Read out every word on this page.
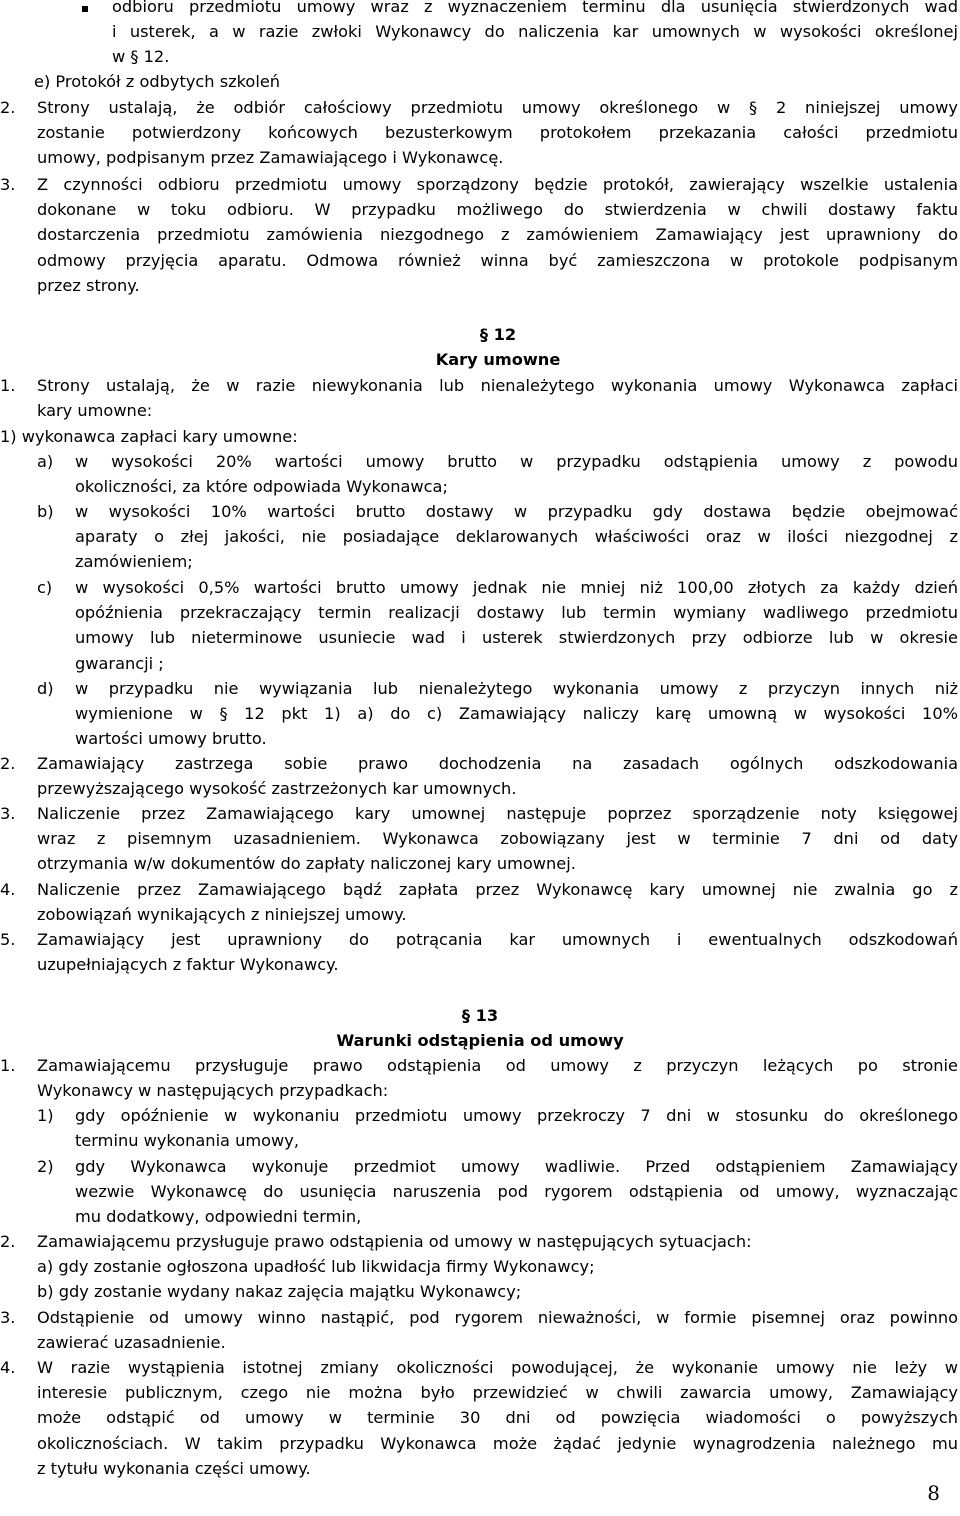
odbioru przedmiotu umowy wraz z wyznaczeniem terminu dla usunięcia stwierdzonych wad
i usterek, a w razie zwłoki Wykonawcy do naliczenia kar umownych w wysokości określonej
w § 12.
e) Protokół z odbytych szkoleń
2. Strony ustalają, że odbiór całościowy przedmiotu umowy określonego w § 2 niniejszej umowy
zostanie potwierdzony końcowych bezusterkowym protokołem przekazania całości przedmiotu
umowy, podpisanym przez Zamawiającego i Wykonawcę.
3. Z czynności odbioru przedmiotu umowy sporządzony będzie protokół, zawierający wszelkie ustalenia
dokonane w toku odbioru. W przypadku możliwego do stwierdzenia w chwili dostawy faktu
dostarczenia przedmiotu zamówienia niezgodnego z zamówieniem Zamawiający jest uprawniony do
odmowy przyjęcia aparatu. Odmowa również winna być zamieszczona w protokole podpisanym
przez strony.
§ 12
Kary umowne
1. Strony ustalają, że w razie niewykonania lub nienależytego wykonania umowy Wykonawca zapłaci
kary umowne:
1) wykonawca zapłaci kary umowne:
a) w wysokości 20% wartości umowy brutto w przypadku odstąpienia umowy z powodu
okoliczności, za które odpowiada Wykonawca;
b) w wysokości 10% wartości brutto dostawy w przypadku gdy dostawa będzie obejmować
aparaty o złej jakości, nie posiadające deklarowanych właściwości oraz w ilości niezgodnej z
zamówieniem;
c) w wysokości 0,5% wartości brutto umowy jednak nie mniej niż 100,00 złotych za każdy dzień
opóźnienia przekraczający termin realizacji dostawy lub termin wymiany wadliwego przedmiotu
umowy lub nieterminowe usuniecie wad i usterek stwierdzonych przy odbiorze lub w okresie
gwarancji ;
d) w przypadku nie wywiązania lub nienależytego wykonania umowy z przyczyn innych niż
wymienione w § 12 pkt 1) a) do c) Zamawiający naliczy karę umowną w wysokości 10%
wartości umowy brutto.
2. Zamawiający zastrzega sobie prawo dochodzenia na zasadach ogólnych odszkodowania
przewyższającego wysokość zastrzeżonych kar umownych.
3. Naliczenie przez Zamawiającego kary umownej następuje poprzez sporządzenie noty księgowej
wraz z pisemnym uzasadnieniem. Wykonawca zobowiązany jest w terminie 7 dni od daty
otrzymania w/w dokumentów do zapłaty naliczonej kary umownej.
4. Naliczenie przez Zamawiającego bądź zapłata przez Wykonawcę kary umownej nie zwalnia go z
zobowiązań wynikających z niniejszej umowy.
5. Zamawiający jest uprawniony do potrącania kar umownych i ewentualnych odszkodowań
uzupełniających z faktur Wykonawcy.
§ 13
Warunki odstąpienia od umowy
1. Zamawiającemu przysługuje prawo odstąpienia od umowy z przyczyn leżących po stronie
Wykonawcy w następujących przypadkach:
1) gdy opóźnienie w wykonaniu przedmiotu umowy przekroczy 7 dni w stosunku do określonego
terminu wykonania umowy,
2) gdy Wykonawca wykonuje przedmiot umowy wadliwie. Przed odstąpieniem Zamawiający
wezwie Wykonawcę do usunięcia naruszenia pod rygorem odstąpienia od umowy, wyznaczając
mu dodatkowy, odpowiedni termin,
2. Zamawiającemu przysługuje prawo odstąpienia od umowy w następujących sytuacjach:
a) gdy zostanie ogłoszona upadłość lub likwidacja firmy Wykonawcy;
b) gdy zostanie wydany nakaz zajęcia majątku Wykonawcy;
3. Odstąpienie od umowy winno nastąpić, pod rygorem nieważności, w formie pisemnej oraz powinno
zawierać uzasadnienie.
4. W razie wystąpienia istotnej zmiany okoliczności powodującej, że wykonanie umowy nie leży w
interesie publicznym, czego nie można było przewidzieć w chwili zawarcia umowy, Zamawiający
może odstąpić od umowy w terminie 30 dni od powzięcia wiadomości o powyższych
okolicznościach. W takim przypadku Wykonawca może żądać jedynie wynagrodzenia należnego mu
z tytułu wykonania części umowy.
8
